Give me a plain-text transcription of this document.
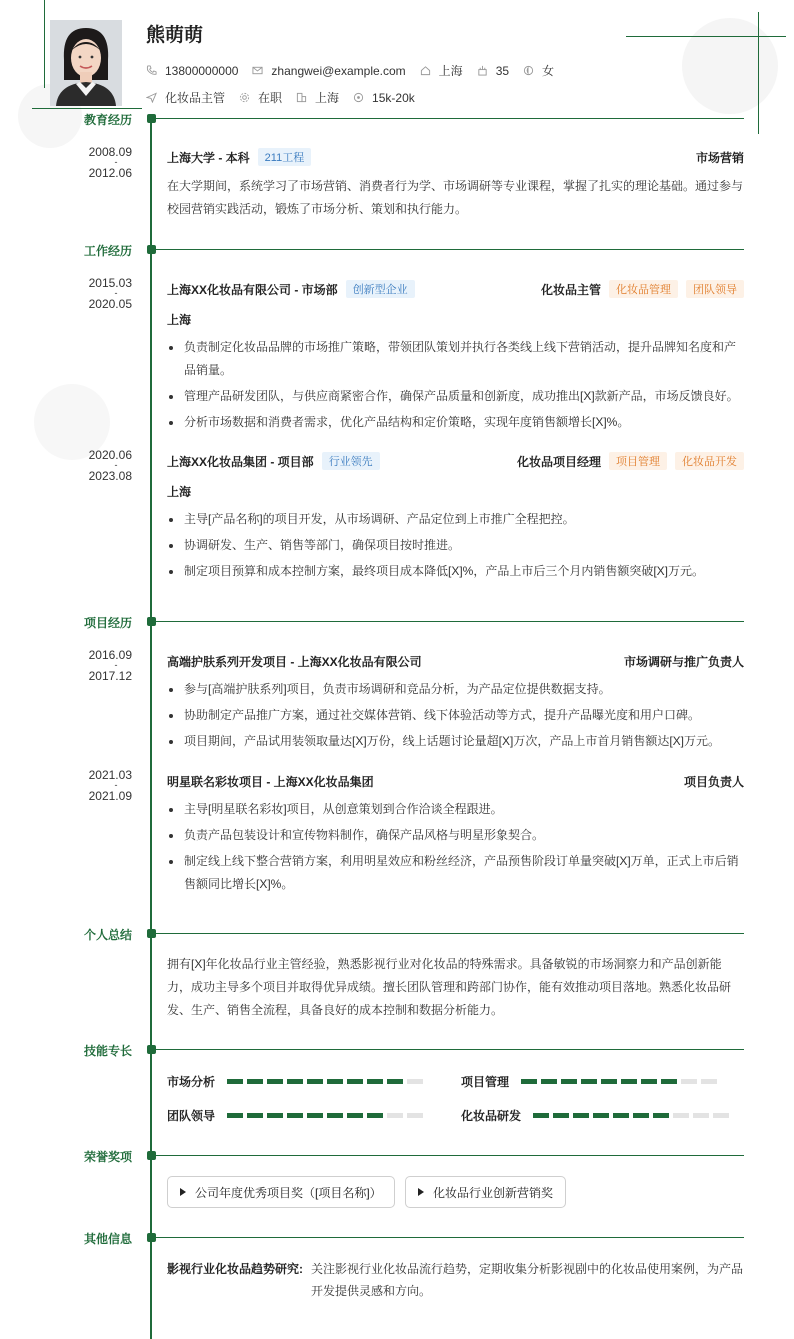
熊萌萌
13800000000	zhangwei@example.com	上海	35	女
化妆品主管	在职	上海	15k-20k
教育经历
2008.09
-
2012.06
上海大学 - 本科	211工程	市场营销
在大学期间，系统学习了市场营销、消费者行为学、市场调研等专业课程，掌握了扎实的理论基础。通过参与校园营销实践活动，锻炼了市场分析、策划和执行能力。
工作经历
2015.03
-
2020.05
上海XX化妆品有限公司 - 市场部	创新型企业	化妆品主管	化妆品管理	团队领导
上海
负责制定化妆品品牌的市场推广策略，带领团队策划并执行各类线上线下营销活动，提升品牌知名度和产品销量。
管理产品研发团队，与供应商紧密合作，确保产品质量和创新度，成功推出[X]款新产品，市场反馈良好。
分析市场数据和消费者需求，优化产品结构和定价策略，实现年度销售额增长[X]%。
2020.06
-
2023.08
上海XX化妆品集团 - 项目部	行业领先	化妆品项目经理	项目管理	化妆品开发
上海
主导[产品名称]的项目开发，从市场调研、产品定位到上市推广全程把控。
协调研发、生产、销售等部门，确保项目按时推进。
制定项目预算和成本控制方案，最终项目成本降低[X]%，产品上市后三个月内销售额突破[X]万元。
项目经历
2016.09
-
2017.12
高端护肤系列开发项目 - 上海XX化妆品有限公司	市场调研与推广负责人
参与[高端护肤系列]项目，负责市场调研和竞品分析，为产品定位提供数据支持。
协助制定产品推广方案，通过社交媒体营销、线下体验活动等方式，提升产品曝光度和用户口碑。
项目期间，产品试用装领取量达[X]万份，线上话题讨论量超[X]万次，产品上市首月销售额达[X]万元。
2021.03
-
2021.09
明星联名彩妆项目 - 上海XX化妆品集团	项目负责人
主导[明星联名彩妆]项目，从创意策划到合作洽谈全程跟进。
负责产品包装设计和宣传物料制作，确保产品风格与明星形象契合。
制定线上线下整合营销方案，利用明星效应和粉丝经济，产品预售阶段订单量突破[X]万单，正式上市后销售额同比增长[X]%。
个人总结
拥有[X]年化妆品行业主管经验，熟悉影视行业对化妆品的特殊需求。具备敏锐的市场洞察力和产品创新能力，成功主导多个项目并取得优异成绩。擅长团队管理和跨部门协作，能有效推动项目落地。熟悉化妆品研发、生产、销售全流程，具备良好的成本控制和数据分析能力。
技能专长
市场分析	项目管理
团队领导	化妆品研发
荣誉奖项
公司年度优秀项目奖（[项目名称]）	化妆品行业创新营销奖
其他信息
影视行业化妆品趋势研究: 关注影视行业化妆品流行趋势，定期收集分析影视剧中的化妆品使用案例，为产品开发提供灵感和方向。
